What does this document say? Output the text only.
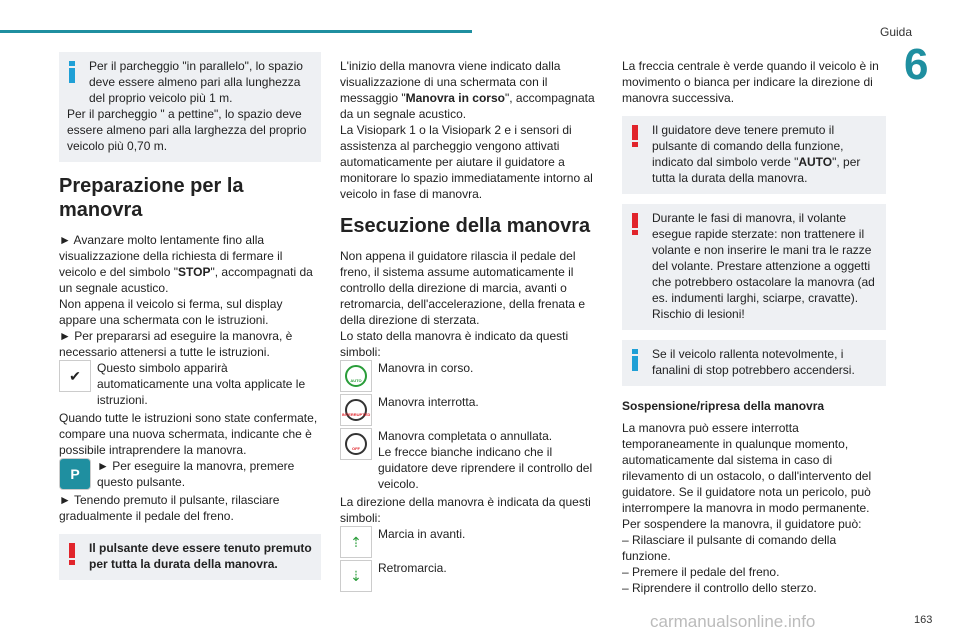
Guida
6

Per il parcheggio "in parallelo", lo spazio deve essere almeno pari alla lunghezza del proprio veicolo più 1 m.

Per il parcheggio " a pettine", lo spazio deve essere almeno pari alla larghezza del proprio veicolo più 0,70 m.

Preparazione per la manovra

► Avanzare molto lentamente fino alla visualizzazione della richiesta di fermare il veicolo e del simbolo "STOP", accompagnati da un segnale acustico.

Non appena il veicolo si ferma, sul display appare una schermata con le istruzioni.

► Per prepararsi ad eseguire la manovra, è necessario attenersi a tutte le istruzioni.

✔	Questo simbolo apparirà automaticamente una volta applicate le istruzioni.

Quando tutte le istruzioni sono state confermate, compare una nuova schermata, indicante che è possibile intraprendere la manovra.

P	► Per eseguire la manovra, premere questo pulsante.

► Tenendo premuto il pulsante, rilasciare gradualmente il pedale del freno.

Il pulsante deve essere tenuto premuto per tutta la durata della manovra.

L'inizio della manovra viene indicato dalla visualizzazione di una schermata con il messaggio "Manovra in corso", accompagnata da un segnale acustico.

La Visiopark 1 o la Visiopark 2 e i sensori di assistenza al parcheggio vengono attivati automaticamente per aiutare il guidatore a monitorare lo spazio immediatamente intorno al veicolo in fase di manovra.

Esecuzione della manovra

Non appena il guidatore rilascia il pedale del freno, il sistema assume automaticamente il controllo della direzione di marcia, avanti o retromarcia, dell'accelerazione, della frenata e della direzione di sterzata.

Lo stato della manovra è indicato da questi simboli:

AUTO
Manovra in corso.
INTERRUPTED
Manovra interrotta.
OFF
Manovra completata o annullata.
Le frecce bianche indicano che il guidatore deve riprendere il controllo del veicolo.

La direzione della manovra è indicata da questi simboli:

⇡	Marcia in avanti.
⇣	Retromarcia.

La freccia centrale è verde quando il veicolo è in movimento o bianca per indicare la direzione di manovra successiva.

Il guidatore deve tenere premuto il pulsante di comando della funzione, indicato dal simbolo verde "AUTO", per tutta la durata della manovra.

Durante le fasi di manovra, il volante esegue rapide sterzate: non trattenere il volante e non inserire le mani tra le razze del volante. Prestare attenzione a oggetti che potrebbero ostacolare la manovra (ad es. indumenti larghi, sciarpe, cravatte). Rischio di lesioni!

Se il veicolo rallenta notevolmente, i fanalini di stop potrebbero accendersi.

Sospensione/ripresa della manovra

La manovra può essere interrotta temporaneamente in qualunque momento, automaticamente dal sistema in caso di rilevamento di un ostacolo, o dall'intervento del guidatore. Se il guidatore nota un pericolo, può interrompere la manovra in modo permanente.

Per sospendere la manovra, il guidatore può:

– Rilasciare il pulsante di comando della funzione.

– Premere il pedale del freno.

– Riprendere il controllo dello sterzo.

carmanualsonline.info	163
